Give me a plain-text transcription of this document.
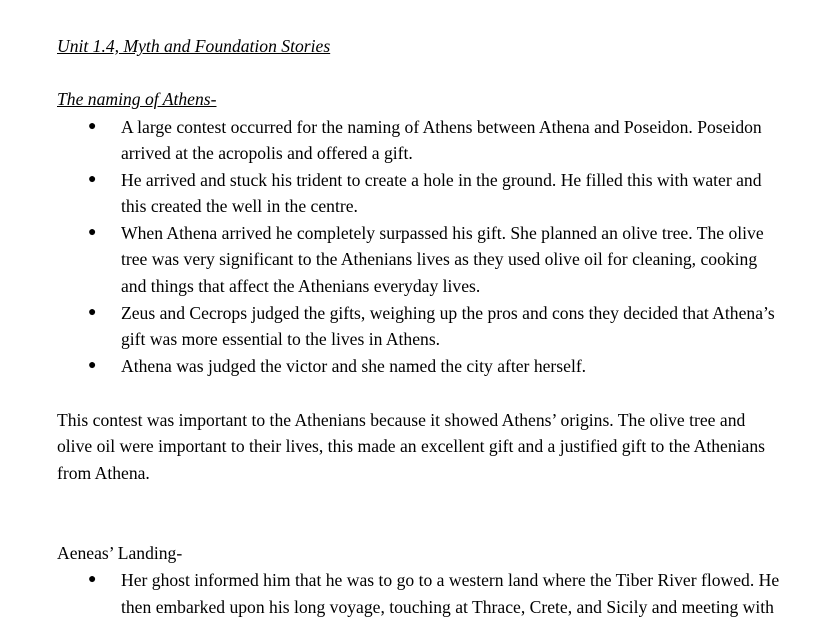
Unit 1.4, Myth and Foundation Stories
The naming of Athens-
● A large contest occurred for the naming of Athens between Athena and Poseidon. Poseidon
arrived at the acropolis and offered a gift.
● He arrived and stuck his trident to create a hole in the ground. He filled this with water and
this created the well in the centre.
● When Athena arrived he completely surpassed his gift. She planned an olive tree. The olive
tree was very significant to the Athenians lives as they used olive oil for cleaning, cooking
and things that affect the Athenians everyday lives.
● Zeus and Cecrops judged the gifts, weighing up the pros and cons they decided that Athena’s
gift was more essential to the lives in Athens.
● Athena was judged the victor and she named the city after herself.
This contest was important to the Athenians because it showed Athens’ origins. The olive tree and
olive oil were important to their lives, this made an excellent gift and a justified gift to the Athenians
from Athena.
Aeneas’ Landing-
● Her ghost informed him that he was to go to a western land where the Tiber River flowed. He
then embarked upon his long voyage, touching at Thrace, Crete, and Sicily and meeting with
